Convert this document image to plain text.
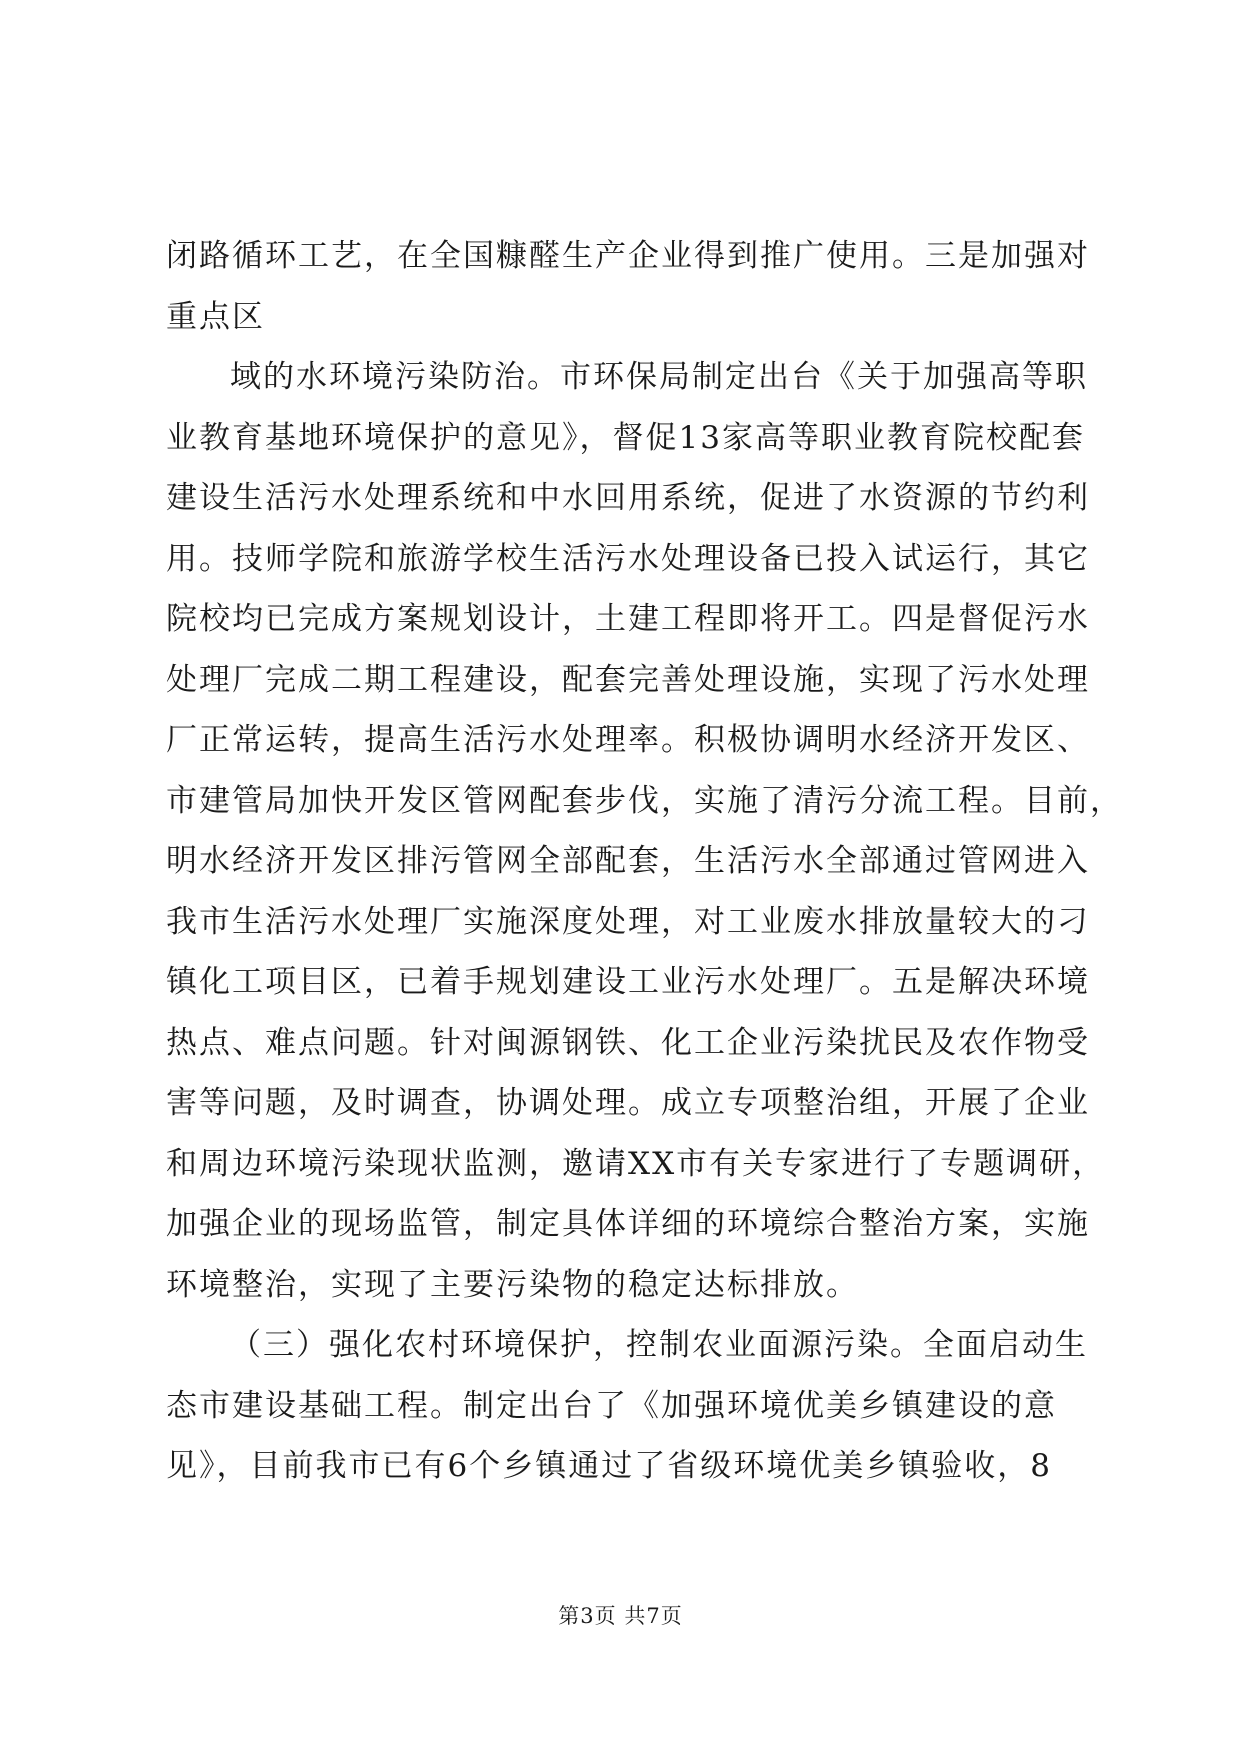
闭路循环工艺，在全国糠醛生产企业得到推广使用。三是加强对
重点区
域的水环境污染防治。市环保局制定出台《关于加强高等职
业教育基地环境保护的意见》，督促13家高等职业教育院校配套
建设生活污水处理系统和中水回用系统，促进了水资源的节约利
用。技师学院和旅游学校生活污水处理设备已投入试运行，其它
院校均已完成方案规划设计，土建工程即将开工。四是督促污水
处理厂完成二期工程建设，配套完善处理设施，实现了污水处理
厂正常运转，提高生活污水处理率。积极协调明水经济开发区、
市建管局加快开发区管网配套步伐，实施了清污分流工程。目前，
明水经济开发区排污管网全部配套，生活污水全部通过管网进入
我市生活污水处理厂实施深度处理，对工业废水排放量较大的刁
镇化工项目区，已着手规划建设工业污水处理厂。五是解决环境
热点、难点问题。针对闽源钢铁、化工企业污染扰民及农作物受
害等问题，及时调查，协调处理。成立专项整治组，开展了企业
和周边环境污染现状监测，邀请XX市有关专家进行了专题调研，
加强企业的现场监管，制定具体详细的环境综合整治方案，实施
环境整治，实现了主要污染物的稳定达标排放。
（三）强化农村环境保护，控制农业面源污染。全面启动生
态市建设基础工程。制定出台了《加强环境优美乡镇建设的意
见》，目前我市已有6个乡镇通过了省级环境优美乡镇验收，8
第3页 共7页
